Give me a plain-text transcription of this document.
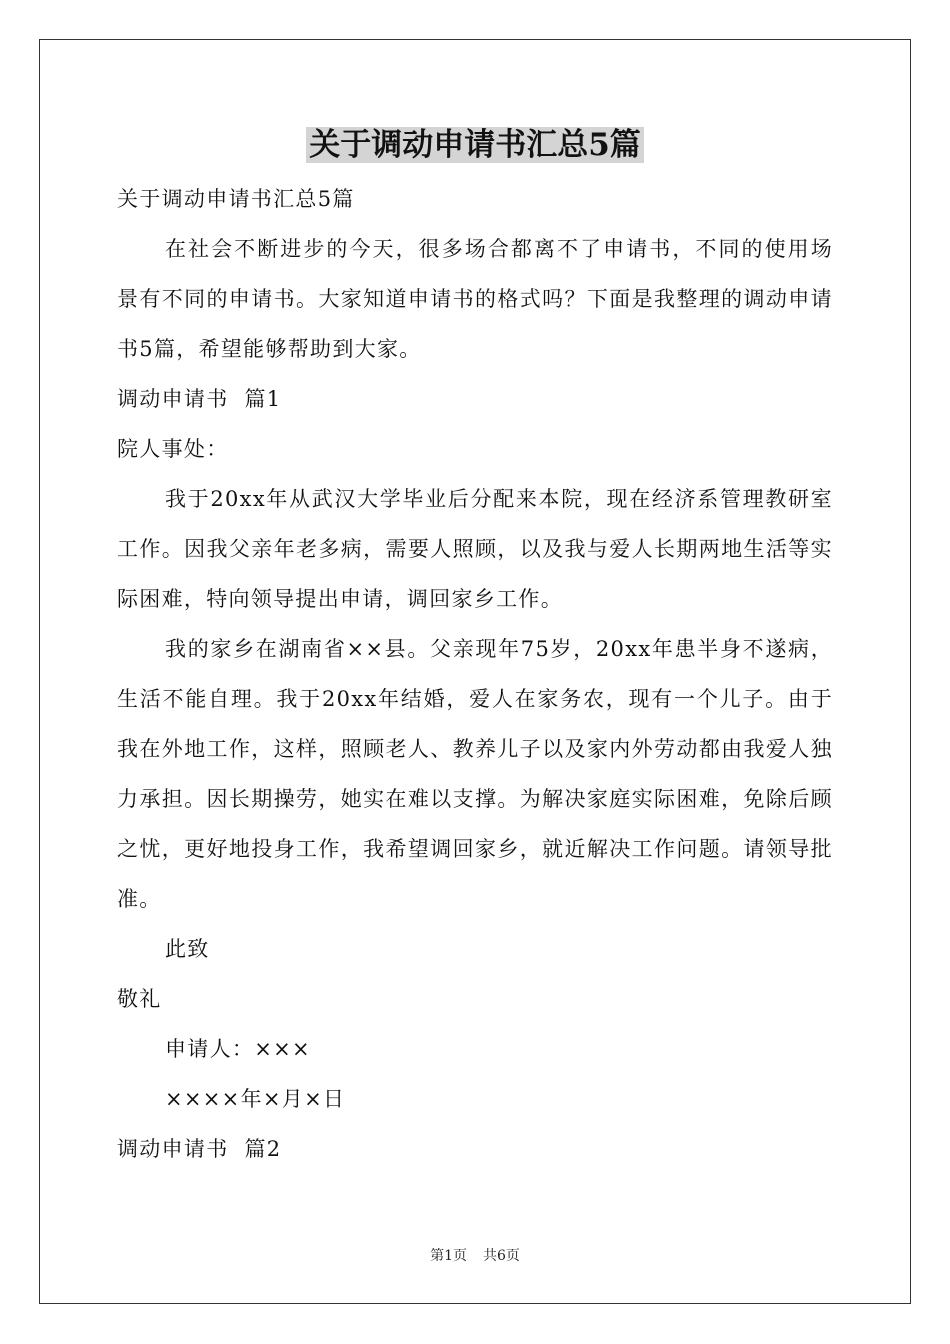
关于调动申请书汇总5篇

关于调动申请书汇总5篇

在社会不断进步的今天，很多场合都离不了申请书，不同的使用场景有不同的申请书。大家知道申请书的格式吗？下面是我整理的调动申请书5篇，希望能够帮助到大家。

调动申请书  篇1

院人事处：

我于20xx年从武汉大学毕业后分配来本院，现在经济系管理教研室工作。因我父亲年老多病，需要人照顾，以及我与爱人长期两地生活等实际困难，特向领导提出申请，调回家乡工作。

我的家乡在湖南省××县。父亲现年75岁，20xx年患半身不遂病，生活不能自理。我于20xx年结婚，爱人在家务农，现有一个儿子。由于我在外地工作，这样，照顾老人、教养儿子以及家内外劳动都由我爱人独力承担。因长期操劳，她实在难以支撑。为解决家庭实际困难，免除后顾之忧，更好地投身工作，我希望调回家乡，就近解决工作问题。请领导批准。

此致

敬礼

申请人：×××

××××年×月×日

调动申请书  篇2

第1页 共6页
